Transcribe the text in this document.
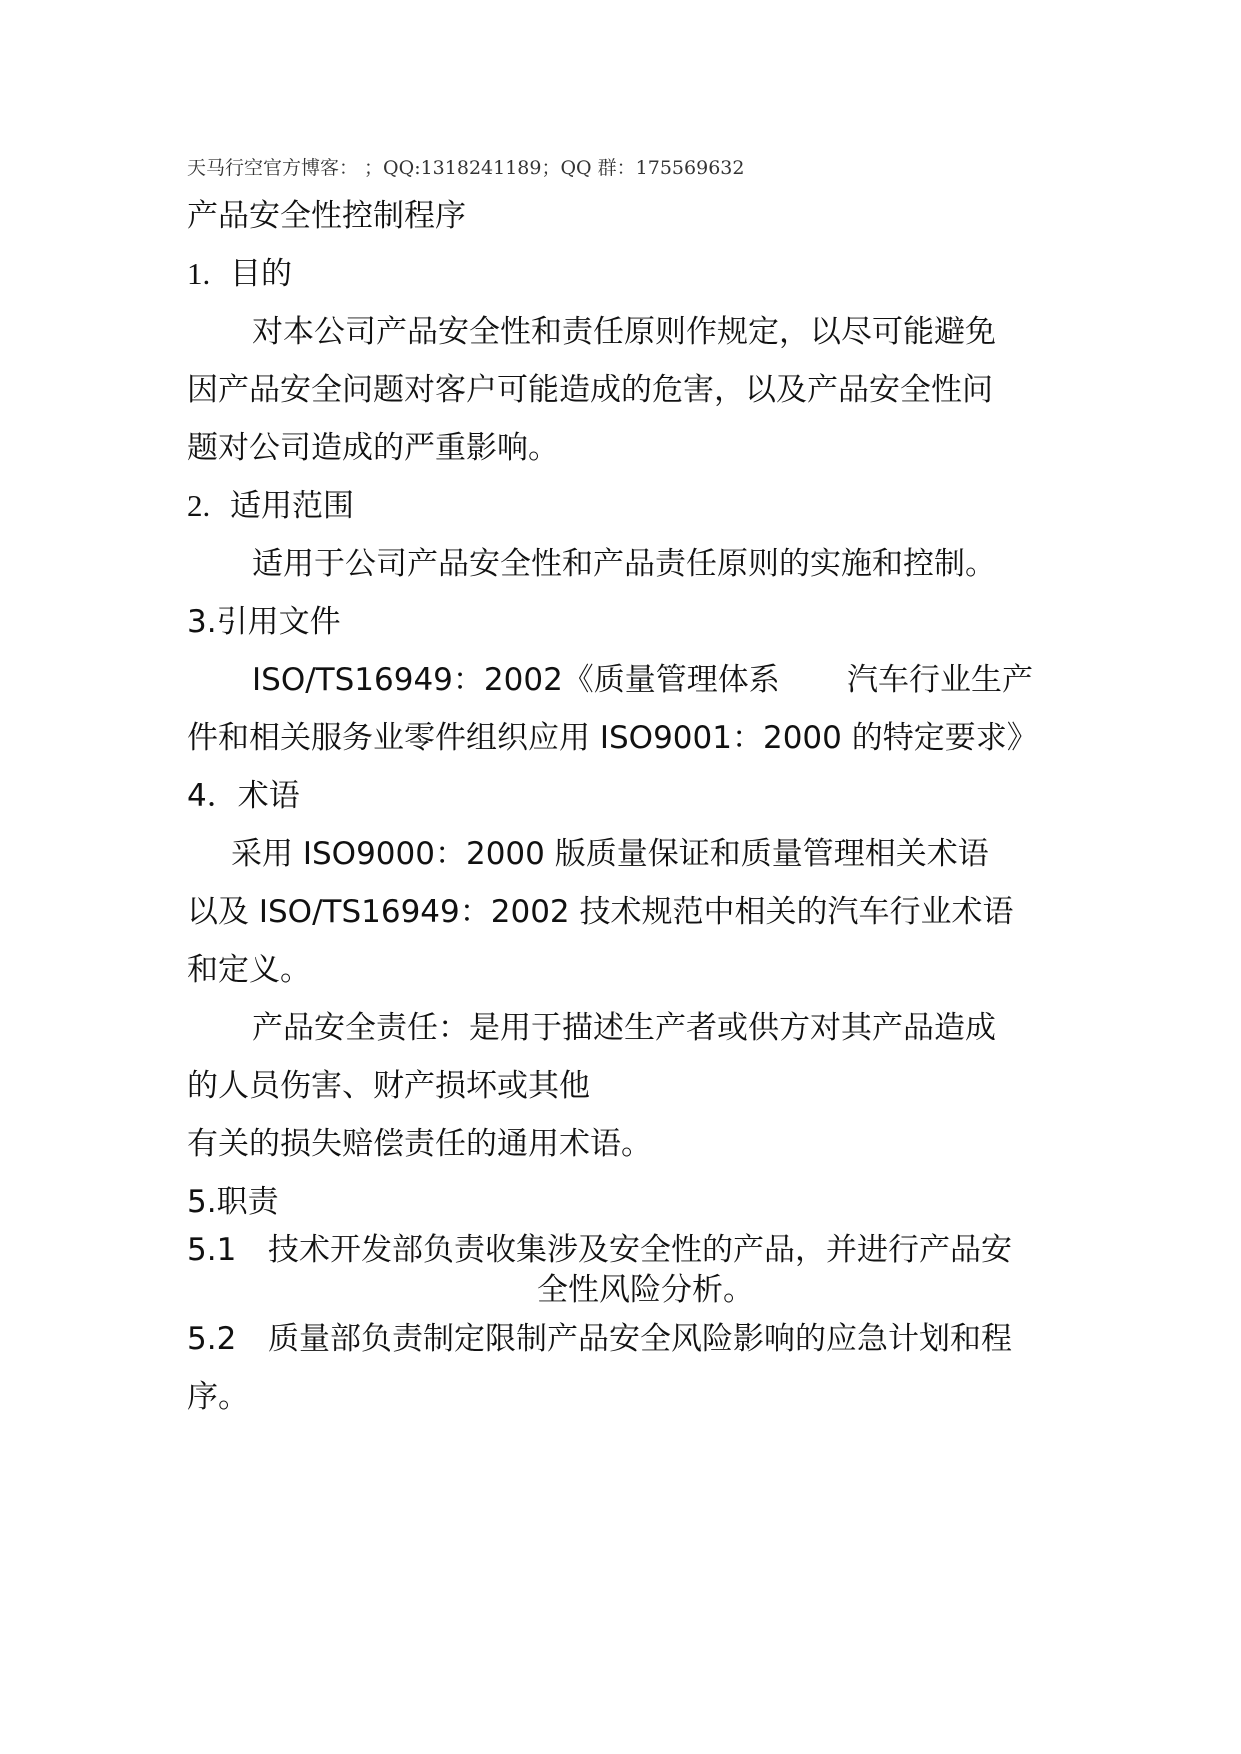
天马行空官方博客： ；QQ:1318241189；QQ 群：175569632
产品安全性控制程序
1. 目的
对本公司产品安全性和责任原则作规定，以尽可能避免
因产品安全问题对客户可能造成的危害，以及产品安全性问
题对公司造成的严重影响。
2. 适用范围
适用于公司产品安全性和产品责任原则的实施和控制。
3.引用文件
ISO/TS16949：2002《质量管理体系 汽车行业生产
件和相关服务业零件组织应用 ISO9001：2000 的特定要求》
4．术语
采用 ISO9000：2000 版质量保证和质量管理相关术语
以及 ISO/TS16949：2002 技术规范中相关的汽车行业术语
和定义。
产品安全责任：是用于描述生产者或供方对其产品造成
的人员伤害、财产损坏或其他
有关的损失赔偿责任的通用术语。
5.职责
5.1 技术开发部负责收集涉及安全性的产品，并进行产品安
全性风险分析。
5.2 质量部负责制定限制产品安全风险影响的应急计划和程
序。
